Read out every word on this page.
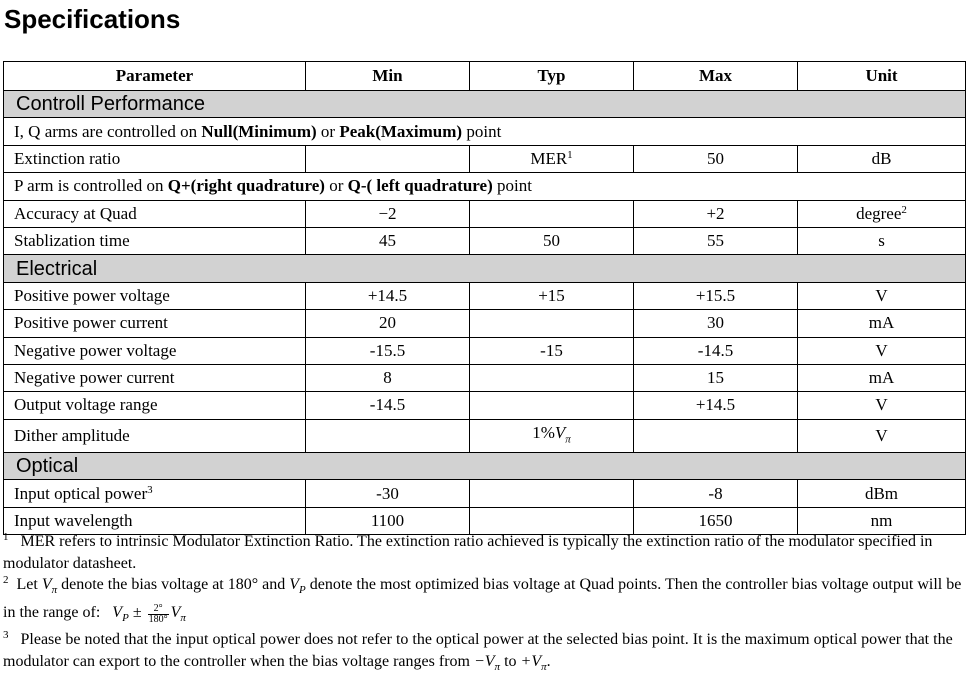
Specifications
Parameter	Min	Typ	Max	Unit
Controll Performance				
I, Q arms are controlled on Null(Minimum) or Peak(Maximum) point				
Extinction ratio		MER$^1$	50	dB
P arm is controlled on Q+(right quadrature) or Q-( left quadrature) point				
Accuracy at Quad	−2		+2	degree$^2$
Stablization time	45	50	55	s
Electrical				
Positive power voltage	+14.5	+15	+15.5	V
Positive power current	20		30	mA
Negative power voltage	-15.5	-15	-14.5	V
Negative power current	8		15	mA
Output voltage range	-14.5		+14.5	V
Dither amplitude		$1\%V_\pi$		V
Optical				
Input optical power$^3$	-30		-8	dBm
Input wavelength	1100		1650	nm

$^1$ MER refers to intrinsic Modulator Extinction Ratio. The extinction ratio achieved is typically the extinction ratio of the modulator specified in modulator datasheet.

$^2$ Let $V_\pi$ denote the bias voltage at 180° and $V_P$ denote the most optimized bias voltage at Quad points. Then the controller bias voltage output will be in the range of: $V_P \pm \frac{2^\circ}{180^\circ} V_\pi$

$^3$ Please be noted that the input optical power does not refer to the optical power at the selected bias point. It is the maximum optical power that the modulator can export to the controller when the bias voltage ranges from $-V_\pi$ to $+V_\pi$.
